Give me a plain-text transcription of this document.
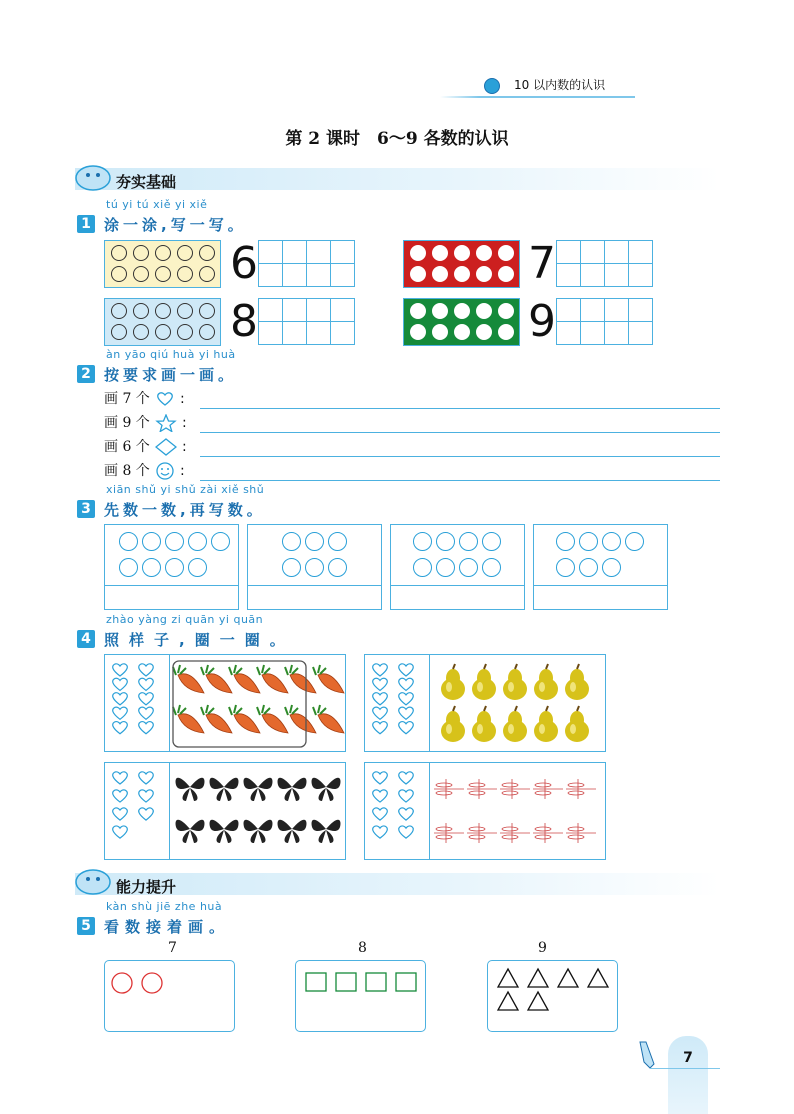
10 以内数的认识
第 2 课时　6～9 各数的认识
夯实基础
tú yi tú xiě yi xiě
1 涂一涂,写一写。
6	7
8	9
àn yāo qiú huà yi huà
2 按要求画一画。
画 7 个 :
画 9 个 :
画 6 个 :
画 8 个 :
xiān shǔ yi shǔ zài xiě shǔ
3 先数一数,再写数。
zhào yàng zi quān yi quān
4 照样子,圈一圈。
能力提升
kàn shù jiē zhe huà
5 看数接着画。
7	8	9
7
